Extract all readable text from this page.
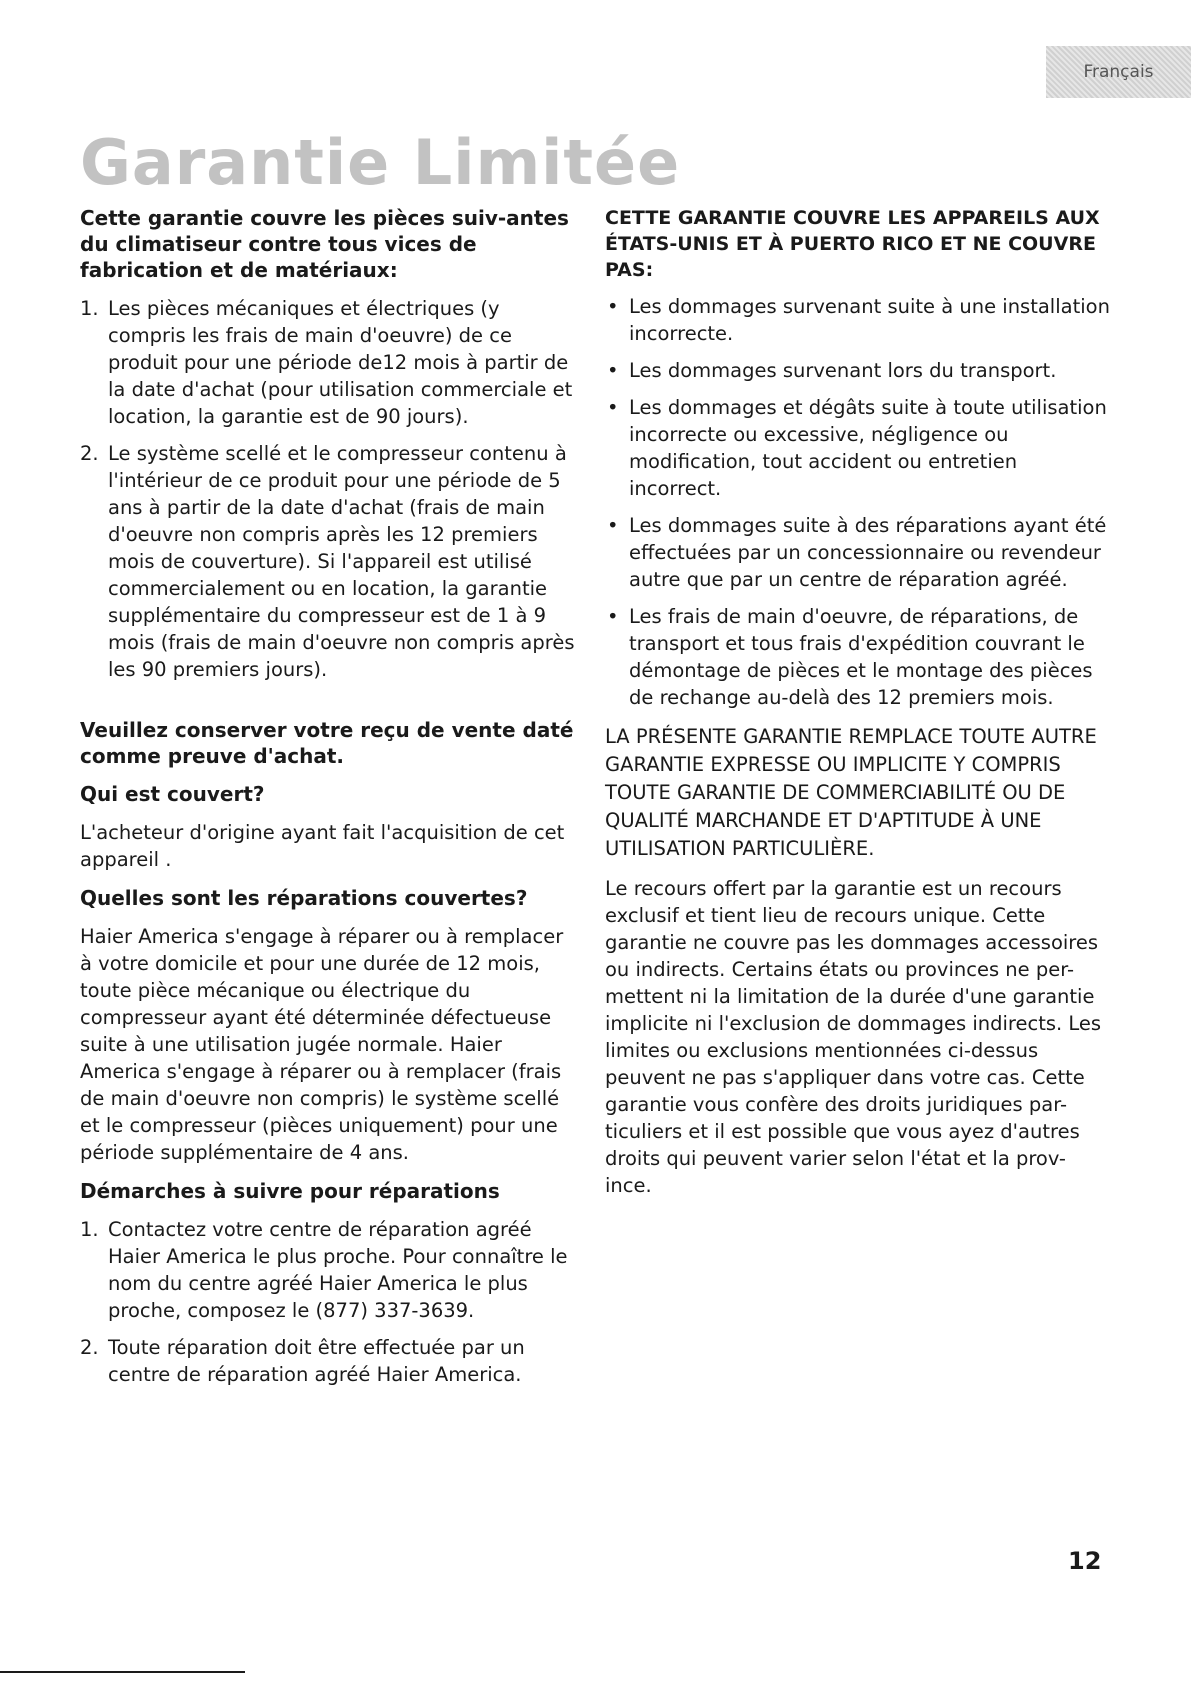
Français
Garantie Limitée

Cette garantie couvre les pièces suiv-antes du climatiseur contre tous vices de fabrication et de matériaux:

1. Les pièces mécaniques et électriques (y compris les frais de main d'oeuvre) de ce produit pour une période de12 mois à partir de la date d'achat (pour utilisation commerciale et location, la garantie est de 90 jours).
2. Le système scellé et le compresseur contenu à l'intérieur de ce produit pour une période de 5 ans à partir de la date d'achat (frais de main d'oeuvre non compris après les 12 premiers mois de couverture). Si l'appareil est utilisé commercialement ou en location, la garantie supplémentaire du compresseur est de 1 à 9 mois (frais de main d'oeuvre non compris après les 90 premiers jours).

Veuillez conserver votre reçu de vente daté comme preuve d'achat.

Qui est couvert?

L'acheteur d'origine ayant fait l'acquisition de cet appareil .

Quelles sont les réparations couvertes?

Haier America s'engage à réparer ou à remplacer à votre domicile et pour une durée de 12 mois, toute pièce mécanique ou électrique du compresseur ayant été déterminée défectueuse suite à une utilisation jugée normale. Haier America s'engage à réparer ou à remplacer (frais de main d'oeuvre non compris) le système scellé et le compresseur (pièces uniquement) pour une période supplémentaire de 4 ans.

Démarches à suivre pour réparations

1. Contactez votre centre de réparation agréé Haier America le plus proche. Pour connaître le nom du centre agréé Haier America le plus proche, composez le (877) 337-3639.
2. Toute réparation doit être effectuée par un centre de réparation agréé Haier America.

CETTE GARANTIE COUVRE LES APPAREILS AUX ÉTATS-UNIS ET À PUERTO RICO ET NE COUVRE PAS:

• Les dommages survenant suite à une installation incorrecte.
• Les dommages survenant lors du transport.
• Les dommages et dégâts suite à toute utilisation incorrecte ou excessive, négligence ou modification, tout accident ou entretien incorrect.
• Les dommages suite à des réparations ayant été effectuées par un concessionnaire ou revendeur autre que par un centre de réparation agréé.
• Les frais de main d'oeuvre, de réparations, de transport et tous frais d'expédition couvrant le démontage de pièces et le montage des pièces de rechange au-delà des 12 premiers mois.

LA PRÉSENTE GARANTIE REMPLACE TOUTE AUTRE GARANTIE EXPRESSE OU IMPLICITE Y COMPRIS TOUTE GARANTIE DE COMMERCIABILITÉ OU DE QUALITÉ MARCHANDE ET D'APTITUDE À UNE UTILISATION PARTICULIÈRE.

Le recours offert par la garantie est un recours exclusif et tient lieu de recours unique. Cette garantie ne couvre pas les dommages accessoires ou indirects. Certains états ou provinces ne per-mettent ni la limitation de la durée d'une garantie implicite ni l'exclusion de dommages indirects. Les limites ou exclusions mentionnées ci-dessus peuvent ne pas s'appliquer dans votre cas. Cette garantie vous confère des droits juridiques par-ticuliers et il est possible que vous ayez d'autres droits qui peuvent varier selon l'état et la prov-ince.

12
